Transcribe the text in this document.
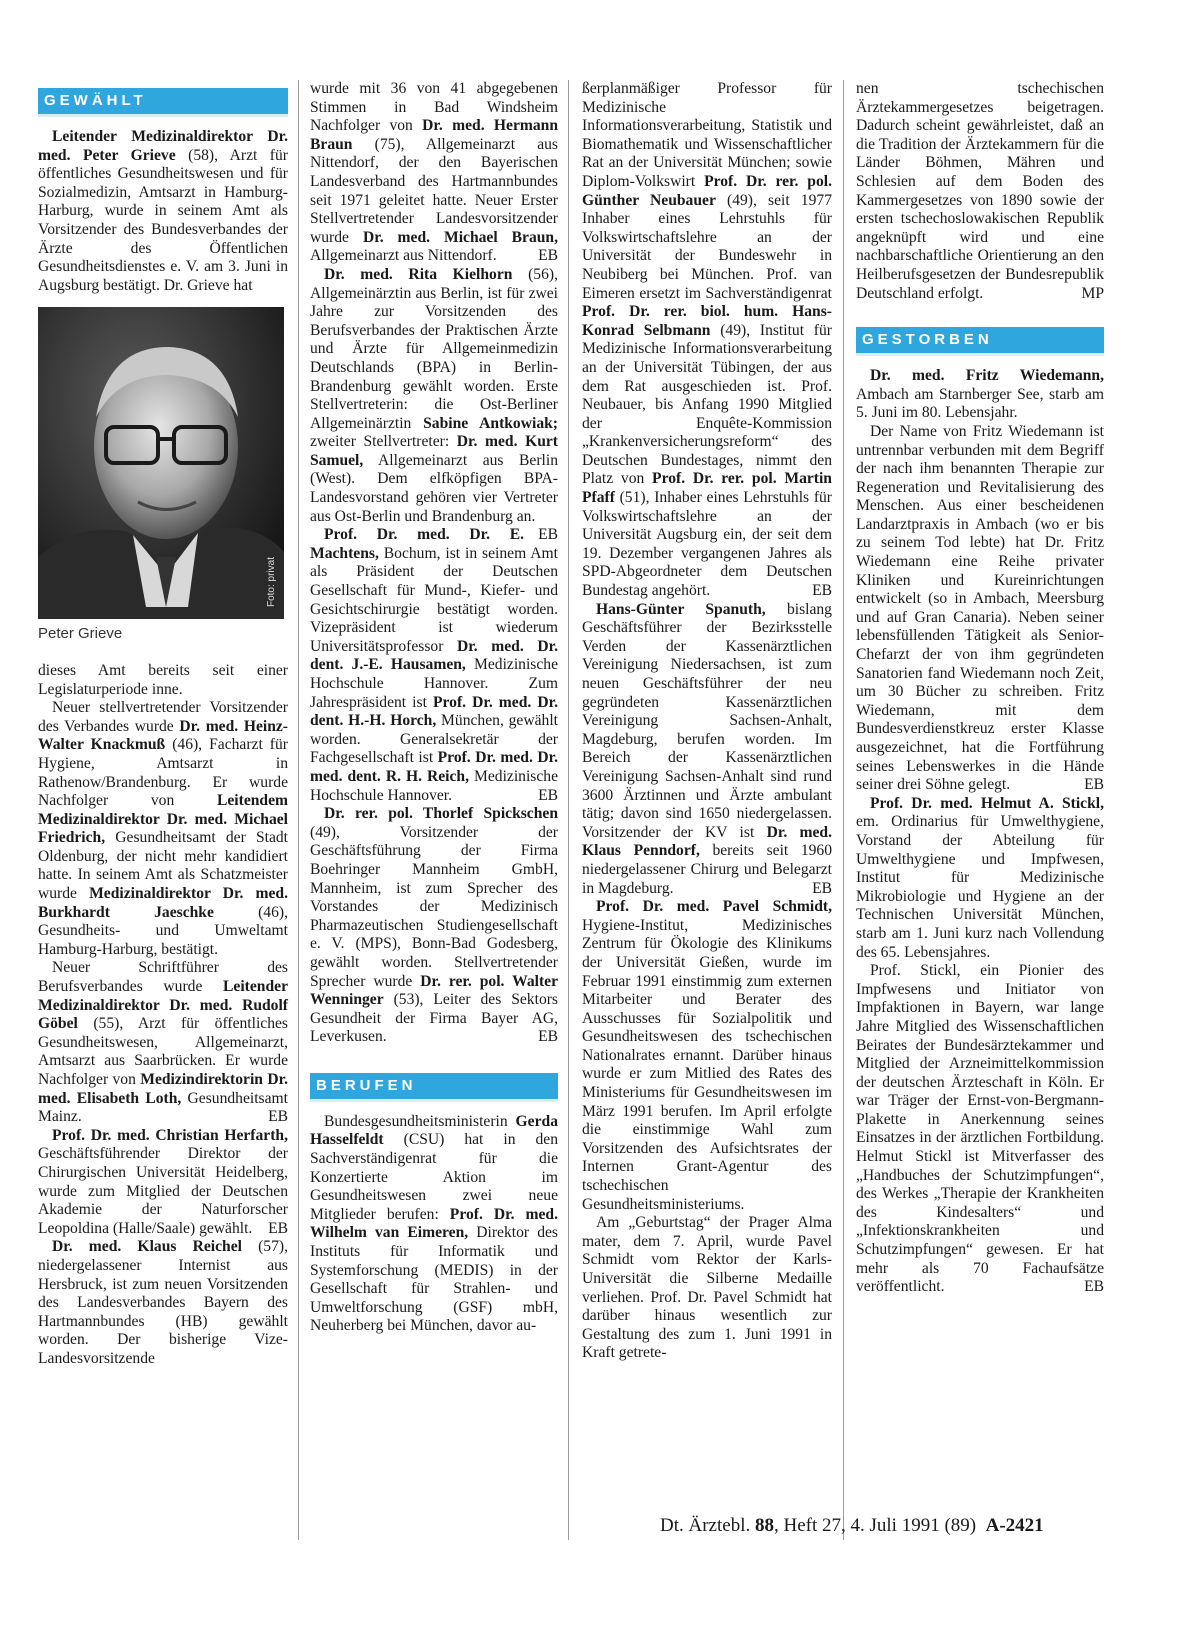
GEWÄHLT

Leitender Medizinaldirektor Dr. med. Peter Grieve (58), Arzt für öffentliches Gesundheitswesen und für Sozialmedizin, Amtsarzt in Hamburg-Harburg, wurde in seinem Amt als Vorsitzender des Bundesverbandes der Ärzte des Öffentlichen Gesundheitsdienstes e. V. am 3. Juni in Augsburg bestätigt. Dr. Grieve hat

Foto: privat
Peter Grieve

dieses Amt bereits seit einer Legislaturperiode inne.

Neuer stellvertretender Vorsitzender des Verbandes wurde Dr. med. Heinz-Walter Knackmuß (46), Facharzt für Hygiene, Amtsarzt in Rathenow/Brandenburg. Er wurde Nachfolger von Leitendem Medizinaldirektor Dr. med. Michael Friedrich, Gesundheitsamt der Stadt Oldenburg, der nicht mehr kandidiert hatte. In seinem Amt als Schatzmeister wurde Medizinaldirektor Dr. med. Burkhardt Jaeschke (46), Gesundheits- und Umweltamt Hamburg-Harburg, bestätigt.

Neuer Schriftführer des Berufsverbandes wurde Leitender Medizinaldirektor Dr. med. Rudolf Göbel (55), Arzt für öffentliches Gesundheitswesen, Allgemeinarzt, Amtsarzt aus Saarbrücken. Er wurde Nachfolger von Medizindirektorin Dr. med. Elisabeth Loth, Gesundheitsamt Mainz.	EB

Prof. Dr. med. Christian Herfarth, Geschäftsführender Direktor der Chirurgischen Universität Heidelberg, wurde zum Mitglied der Deutschen Akademie der Naturforscher Leopoldina (Halle/Saale) gewählt.	EB

Dr. med. Klaus Reichel (57), niedergelassener Internist aus Hersbruck, ist zum neuen Vorsitzenden des Landesverbandes Bayern des Hartmannbundes (HB) gewählt worden. Der bisherige Vize-Landesvorsitzende

wurde mit 36 von 41 abgegebenen Stimmen in Bad Windsheim Nachfolger von Dr. med. Hermann Braun (75), Allgemeinarzt aus Nittendorf, der den Bayerischen Landesverband des Hartmannbundes seit 1971 geleitet hatte. Neuer Erster Stellvertretender Landesvorsitzender wurde Dr. med. Michael Braun, Allgemeinarzt aus Nittendorf.	EB

Dr. med. Rita Kielhorn (56), Allgemeinärztin aus Berlin, ist für zwei Jahre zur Vorsitzenden des Berufsverbandes der Praktischen Ärzte und Ärzte für Allgemeinmedizin Deutschlands (BPA) in Berlin-Brandenburg gewählt worden. Erste Stellvertreterin: die Ost-Berliner Allgemeinärztin Sabine Antkowiak; zweiter Stellvertreter: Dr. med. Kurt Samuel, Allgemeinarzt aus Berlin (West). Dem elfköpfigen BPA-Landesvorstand gehören vier Vertreter aus Ost-Berlin und Brandenburg an.
EB

Prof. Dr. med. Dr. E. Machtens, Bochum, ist in seinem Amt als Präsident der Deutschen Gesellschaft für Mund-, Kiefer- und Gesichtschirurgie bestätigt worden. Vizepräsident ist wiederum Universitätsprofessor Dr. med. Dr. dent. J.-E. Hausamen, Medizinische Hochschule Hannover. Zum Jahrespräsident ist Prof. Dr. med. Dr. dent. H.-H. Horch, München, gewählt worden. Generalsekretär der Fachgesellschaft ist Prof. Dr. med. Dr. med. dent. R. H. Reich, Medizinische Hochschule Hannover.	EB

Dr. rer. pol. Thorlef Spickschen (49), Vorsitzender der Geschäftsführung der Firma Boehringer Mannheim GmbH, Mannheim, ist zum Sprecher des Vorstandes der Medizinisch Pharmazeutischen Studiengesellschaft e. V. (MPS), Bonn-Bad Godesberg, gewählt worden. Stellvertretender Sprecher wurde Dr. rer. pol. Walter Wenninger (53), Leiter des Sektors Gesundheit der Firma Bayer AG, Leverkusen.	EB

BERUFEN

Bundesgesundheitsministerin Gerda Hasselfeldt (CSU) hat in den Sachverständigenrat für die Konzertierte Aktion im Gesundheitswesen zwei neue Mitglieder berufen: Prof. Dr. med. Wilhelm van Eimeren, Direktor des Instituts für Informatik und Systemforschung (MEDIS) in der Gesellschaft für Strahlen- und Umweltforschung (GSF) mbH, Neuherberg bei München, davor au-

ßerplanmäßiger Professor für Medizinische Informationsverarbeitung, Statistik und Biomathematik und Wissenschaftlicher Rat an der Universität München; sowie Diplom-Volkswirt Prof. Dr. rer. pol. Günther Neubauer (49), seit 1977 Inhaber eines Lehrstuhls für Volkswirtschaftslehre an der Universität der Bundeswehr in Neubiberg bei München. Prof. van Eimeren ersetzt im Sachverständigenrat Prof. Dr. rer. biol. hum. Hans-Konrad Selbmann (49), Institut für Medizinische Informationsverarbeitung an der Universität Tübingen, der aus dem Rat ausgeschieden ist. Prof. Neubauer, bis Anfang 1990 Mitglied der Enquête-Kommission „Krankenversicherungsreform“ des Deutschen Bundestages, nimmt den Platz von Prof. Dr. rer. pol. Martin Pfaff (51), Inhaber eines Lehrstuhls für Volkswirtschaftslehre an der Universität Augsburg ein, der seit dem 19. Dezember vergangenen Jahres als SPD-Abgeordneter dem Deutschen Bundestag angehört.	EB

Hans-Günter Spanuth, bislang Geschäftsführer der Bezirksstelle Verden der Kassenärztlichen Vereinigung Niedersachsen, ist zum neuen Geschäftsführer der neu gegründeten Kassenärztlichen Vereinigung Sachsen-Anhalt, Magdeburg, berufen worden. Im Bereich der Kassenärztlichen Vereinigung Sachsen-Anhalt sind rund 3600 Ärztinnen und Ärzte ambulant tätig; davon sind 1650 niedergelassen. Vorsitzender der KV ist Dr. med. Klaus Penndorf, bereits seit 1960 niedergelassener Chirurg und Belegarzt in Magdeburg.	EB

Prof. Dr. med. Pavel Schmidt, Hygiene-Institut, Medizinisches Zentrum für Ökologie des Klinikums der Universität Gießen, wurde im Februar 1991 einstimmig zum externen Mitarbeiter und Berater des Ausschusses für Sozialpolitik und Gesundheitswesen des tschechischen Nationalrates ernannt. Darüber hinaus wurde er zum Mitlied des Rates des Ministeriums für Gesundheitswesen im März 1991 berufen. Im April erfolgte die einstimmige Wahl zum Vorsitzenden des Aufsichtsrates der Internen Grant-Agentur des tschechischen Gesundheitsministeriums.

Am „Geburtstag“ der Prager Alma mater, dem 7. April, wurde Pavel Schmidt vom Rektor der Karls-Universität die Silberne Medaille verliehen. Prof. Dr. Pavel Schmidt hat darüber hinaus wesentlich zur Gestaltung des zum 1. Juni 1991 in Kraft getrete-

nen tschechischen Ärztekammergesetzes beigetragen. Dadurch scheint gewährleistet, daß an die Tradition der Ärztekammern für die Länder Böhmen, Mähren und Schlesien auf dem Boden des Kammergesetzes von 1890 sowie der ersten tschechoslowakischen Republik angeknüpft wird und eine nachbarschaftliche Orientierung an den Heilberufsgesetzen der Bundesrepublik Deutschland erfolgt.	MP

GESTORBEN

Dr. med. Fritz Wiedemann, Ambach am Starnberger See, starb am 5. Juni im 80. Lebensjahr.

Der Name von Fritz Wiedemann ist untrennbar verbunden mit dem Begriff der nach ihm benannten Therapie zur Regeneration und Revitalisierung des Menschen. Aus einer bescheidenen Landarztpraxis in Ambach (wo er bis zu seinem Tod lebte) hat Dr. Fritz Wiedemann eine Reihe privater Kliniken und Kureinrichtungen entwickelt (so in Ambach, Meersburg und auf Gran Canaria). Neben seiner lebensfüllenden Tätigkeit als Senior-Chefarzt der von ihm gegründeten Sanatorien fand Wiedemann noch Zeit, um 30 Bücher zu schreiben. Fritz Wiedemann, mit dem Bundesverdienstkreuz erster Klasse ausgezeichnet, hat die Fortführung seines Lebenswerkes in die Hände seiner drei Söhne gelegt.	EB

Prof. Dr. med. Helmut A. Stickl, em. Ordinarius für Umwelthygiene, Vorstand der Abteilung für Umwelthygiene und Impfwesen, Institut für Medizinische Mikrobiologie und Hygiene an der Technischen Universität München, starb am 1. Juni kurz nach Vollendung des 65. Lebensjahres.

Prof. Stickl, ein Pionier des Impfwesens und Initiator von Impfaktionen in Bayern, war lange Jahre Mitglied des Wissenschaftlichen Beirates der Bundesärztekammer und Mitglied der Arzneimittelkommission der deutschen Ärzteschaft in Köln. Er war Träger der Ernst-von-Bergmann-Plakette in Anerkennung seines Einsatzes in der ärztlichen Fortbildung. Helmut Stickl ist Mitverfasser des „Handbuches der Schutzimpfungen“, des Werkes „Therapie der Krankheiten des Kindesalters“ und „Infektionskrankheiten und Schutzimpfungen“ gewesen. Er hat mehr als 70 Fachaufsätze veröffentlicht.	EB

Dt. Ärztebl. 88, Heft 27, 4. Juli 1991 (89) A-2421
